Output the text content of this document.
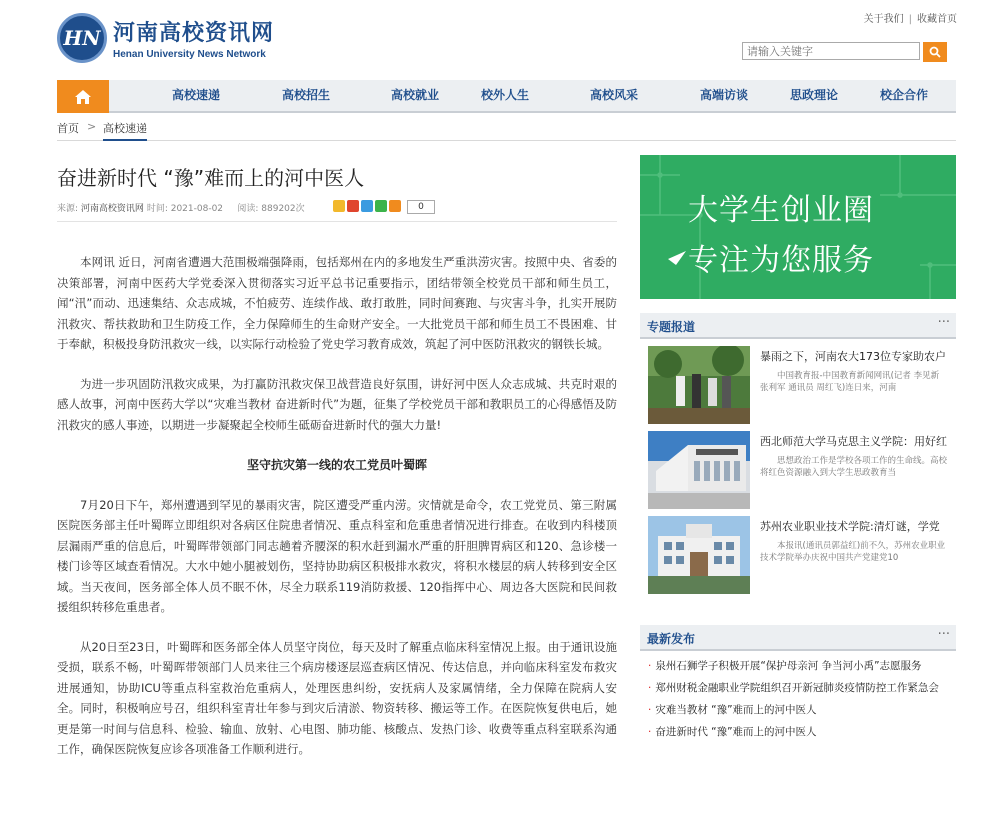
HN 河南高校资讯网
Henan University News Network
关于我们 | 收藏首页
请输入关键字
高校速递	高校招生	高校就业	校外人生	高校风采	高端访谈	思政理论	校企合作
首页 > 高校速递
奋进新时代 “豫”难而上的河中医人
来源: 河南高校资讯网 时间: 2021-08-02 阅读: 889202次	0

本网讯 近日，河南省遭遇大范围极端强降雨，包括郑州在内的多地发生严重洪涝灾害。按照中央、省委的决策部署，河南中医药大学党委深入贯彻落实习近平总书记重要指示，团结带领全校党员干部和师生员工，闻“汛”而动、迅速集结、众志成城，不怕疲劳、连续作战、敢打敢胜，同时间赛跑、与灾害斗争，扎实开展防汛救灾、帮扶救助和卫生防疫工作，全力保障师生的生命财产安全。一大批党员干部和师生员工不畏困难、甘于奉献，积极投身防汛救灾一线，以实际行动检验了党史学习教育成效，筑起了河中医防汛救灾的钢铁长城。

为进一步巩固防汛救灾成果，为打赢防汛救灾保卫战营造良好氛围，讲好河中医人众志成城、共克时艰的感人故事，河南中医药大学以“灾难当教材 奋进新时代”为题，征集了学校党员干部和教职员工的心得感悟及防汛救灾的感人事迹，以期进一步凝聚起全校师生砥砺奋进新时代的强大力量!

坚守抗灾第一线的农工党员叶蜀晖

7月20日下午，郑州遭遇到罕见的暴雨灾害，院区遭受严重内涝。灾情就是命令，农工党党员、第三附属医院医务部主任叶蜀晖立即组织对各病区住院患者情况、重点科室和危重患者情况进行排查。在收到内科楼顶层漏雨严重的信息后，叶蜀晖带领部门同志趟着齐腰深的积水赶到漏水严重的肝胆脾胃病区和120、急诊楼一楼门诊等区域查看情况。大水中她小腿被划伤，坚持协助病区积极排水救灾，将积水楼层的病人转移到安全区域。当天夜间，医务部全体人员不眠不休，尽全力联系119消防救援、120指挥中心、周边各大医院和民间救援组织转移危重患者。

从20日至23日，叶蜀晖和医务部全体人员坚守岗位，每天及时了解重点临床科室情况上报。由于通讯设施受损，联系不畅，叶蜀晖带领部门人员来往三个病房楼逐层巡查病区情况、传达信息，并向临床科室发布救灾进展通知，协助ICU等重点科室救治危重病人，处理医患纠纷，安抚病人及家属情绪，全力保障在院病人安全。同时，积极响应号召，组织科室青壮年参与到灾后清淤、物资转移、搬运等工作。在医院恢复供电后，她更是第一时间与信息科、检验、输血、放射、心电图、肺功能、核酸点、发热门诊、收费等重点科室联系沟通工作，确保医院恢复应诊各项准备工作顺利进行。

大学生创业圈
专注为您服务
专题报道	···
暴雨之下，河南农大173位专家助农户
中国教育报-中国教育新闻网讯(记者 李见新 张利军 通讯员 周红飞)连日来，河南
西北师范大学马克思主义学院：用好红
思想政治工作是学校各项工作的生命线。高校将红色资源融入到大学生思政教育当
苏州农业职业技术学院:清灯谜，学党
本报讯(通讯员郭益红)前不久，苏州农业职业技术学院举办庆祝中国共产党建党10
最新发布	···
· 泉州石狮学子积极开展“保护母亲河 争当河小禹”志愿服务
· 郑州财税金融职业学院组织召开新冠肺炎疫情防控工作紧急会
· 灾难当教材 “豫”难而上的河中医人
· 奋进新时代 “豫”难而上的河中医人
